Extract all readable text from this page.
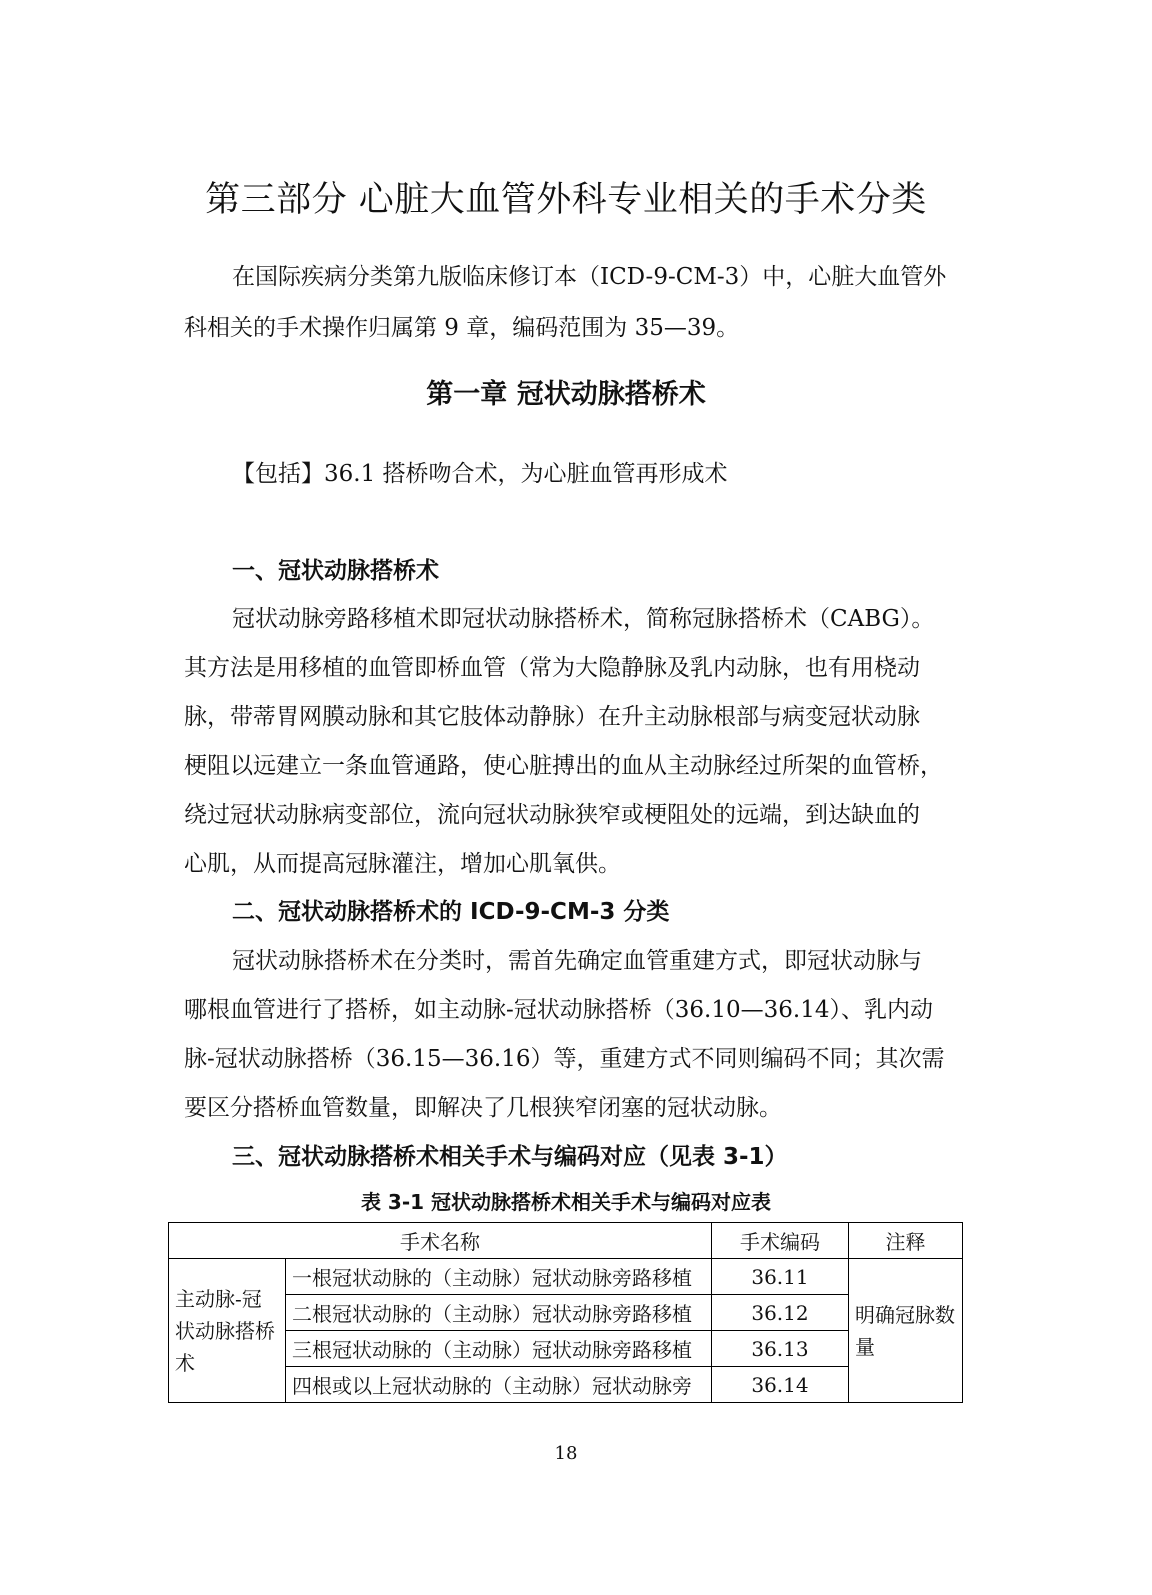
第三部分 心脏大血管外科专业相关的手术分类
在国际疾病分类第九版临床修订本（ICD-9-CM-3）中，心脏大血管外
科相关的手术操作归属第 9 章，编码范围为 35—39。
第一章 冠状动脉搭桥术
【包括】36.1 搭桥吻合术，为心脏血管再形成术
一、冠状动脉搭桥术
冠状动脉旁路移植术即冠状动脉搭桥术，简称冠脉搭桥术（CABG）。
其方法是用移植的血管即桥血管（常为大隐静脉及乳内动脉，也有用桡动
脉，带蒂胃网膜动脉和其它肢体动静脉）在升主动脉根部与病变冠状动脉
梗阻以远建立一条血管通路，使心脏搏出的血从主动脉经过所架的血管桥，
绕过冠状动脉病变部位，流向冠状动脉狭窄或梗阻处的远端，到达缺血的
心肌，从而提高冠脉灌注，增加心肌氧供。
二、冠状动脉搭桥术的 ICD-9-CM-3 分类
冠状动脉搭桥术在分类时，需首先确定血管重建方式，即冠状动脉与
哪根血管进行了搭桥，如主动脉-冠状动脉搭桥（36.10—36.14）、乳内动
脉-冠状动脉搭桥（36.15—36.16）等，重建方式不同则编码不同；其次需
要区分搭桥血管数量，即解决了几根狭窄闭塞的冠状动脉。
三、冠状动脉搭桥术相关手术与编码对应（见表 3-1）
表 3-1 冠状动脉搭桥术相关手术与编码对应表
手术名称		手术编码	注释
主动脉-冠状动脉搭桥术	一根冠状动脉的（主动脉）冠状动脉旁路移植	36.11	明确冠脉数量
	二根冠状动脉的（主动脉）冠状动脉旁路移植	36.12	
	三根冠状动脉的（主动脉）冠状动脉旁路移植	36.13	
	四根或以上冠状动脉的（主动脉）冠状动脉旁	36.14	
18
